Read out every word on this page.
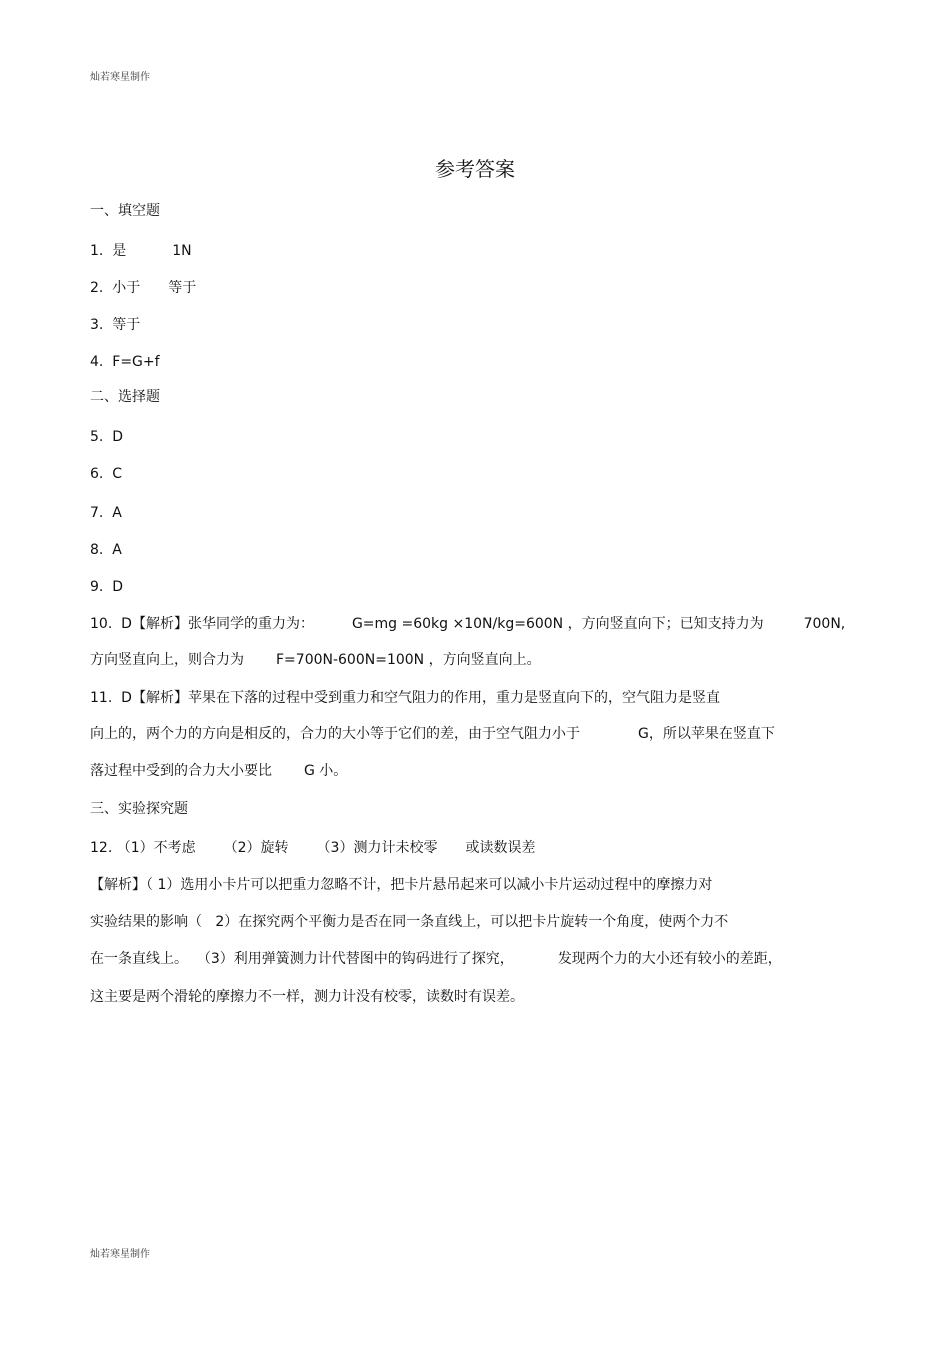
灿若寒星制作
参考答案
一、填空题
1. 是	1N
2. 小于 等于
3. 等于
4. F=G+f
二、选择题
5. D
6. C
7. A
8. A
9. D
10.  D【解析】张华同学的重力为：	G=mg =60kg ×10N/kg=600N ，方向竖直向下；已知支持力为	700N,
方向竖直向上，则合力为 F=700N-600N=100N ，方向竖直向上。
11.  D【解析】苹果在下落的过程中受到重力和空气阻力的作用，重力是竖直向下的，空气阻力是竖直
向上的，两个力的方向是相反的，合力的大小等于它们的差，由于空气阻力小于	G，所以苹果在竖直下
落过程中受到的合力大小要比 G 小。
三、实验探究题
12. （1）不考虑 （2）旋转 （3）测力计未校零 或读数误差
【解析】（ 1）选用小卡片可以把重力忽略不计，把卡片悬吊起来可以减小卡片运动过程中的摩擦力对
实验结果的影响（   2）在探究两个平衡力是否在同一条直线上，可以把卡片旋转一个角度，使两个力不
在一条直线上。  （3）利用弹簧测力计代替图中的钩码进行了探究，	发现两个力的大小还有较小的差距，
这主要是两个滑轮的摩擦力不一样，测力计没有校零，读数时有误差。
灿若寒星制作
